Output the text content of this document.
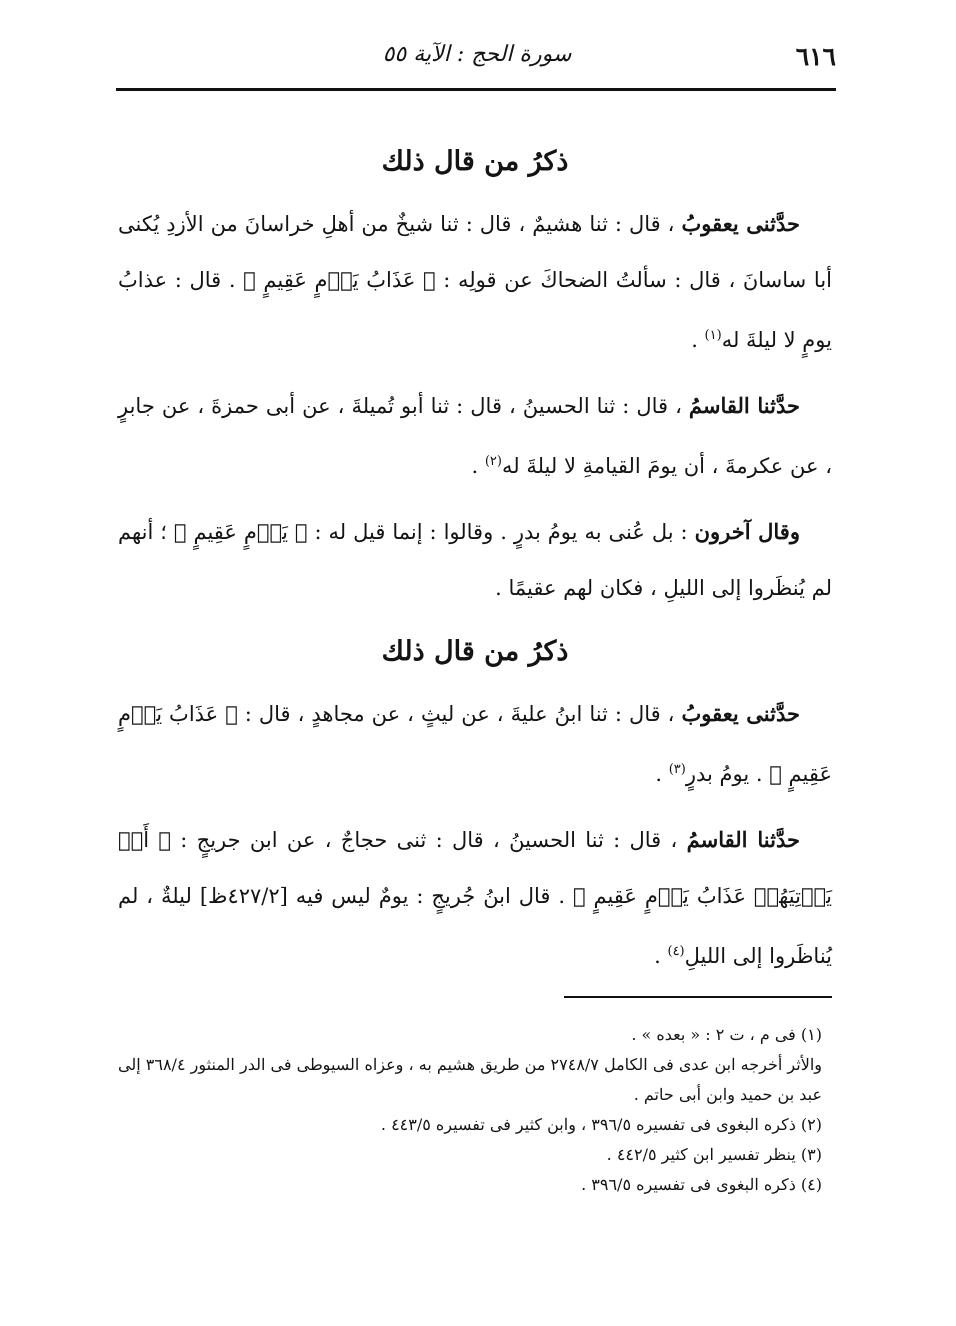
٦١٦
سورة الحج : الآية ٥٥
ذكرُ من قال ذلك

حدَّثنى يعقوبُ ، قال : ثنا هشيمٌ ، قال : ثنا شيخٌ من أهلِ خراسانَ من الأزدِ يُكنى أبا ساسانَ ، قال : سألتُ الضحاكَ عن قولِه : ﴿ عَذَابُ يَوۡمٍ عَقِيمٍ ﴾ . قال : عذابُ يومٍ لا ليلةَ له$^{(١)}$ .

حدَّثنا القاسمُ ، قال : ثنا الحسينُ ، قال : ثنا أبو تُميلةَ ، عن أبى حمزةَ ، عن جابرٍ ، عن عكرمةَ ، أن يومَ القيامةِ لا ليلةَ له$^{(٢)}$ .

وقال آخرون : بل عُنى به يومُ بدرٍ . وقالوا : إنما قيل له : ﴿ يَوۡمٍ عَقِيمٍ ﴾ ؛ أنهم لم يُنظَروا إلى الليلِ ، فكان لهم عقيمًا .

ذكرُ من قال ذلك

حدَّثنى يعقوبُ ، قال : ثنا ابنُ عليةَ ، عن ليثٍ ، عن مجاهدٍ ، قال : ﴿ عَذَابُ يَوۡمٍ عَقِيمٍ ﴾ . يومُ بدرٍ$^{(٣)}$ .

حدَّثنا القاسمُ ، قال : ثنا الحسينُ ، قال : ثنى حجاجٌ ، عن ابن جريجٍ : ﴿ أَوۡ يَأۡتِيَهُمۡ عَذَابُ يَوۡمٍ عَقِيمٍ ﴾ . قال ابنُ جُريجٍ : يومٌ ليس فيه [٤٢٧/٢ظ] ليلةٌ ، لم يُناظَروا إلى الليلِ$^{(٤)}$ .

(١) فى م ، ت ٢ : « بعده » .

والأثر أخرجه ابن عدى فى الكامل ٢٧٤٨/٧ من طريق هشيم به ، وعزاه السيوطى فى الدر المنثور ٣٦٨/٤ إلى عبد بن حميد وابن أبى حاتم .

(٢) ذكره البغوى فى تفسيره ٣٩٦/٥ ، وابن كثير فى تفسيره ٤٤٣/٥ .

(٣) ينظر تفسير ابن كثير ٤٤٢/٥ .

(٤) ذكره البغوى فى تفسيره ٣٩٦/٥ .
